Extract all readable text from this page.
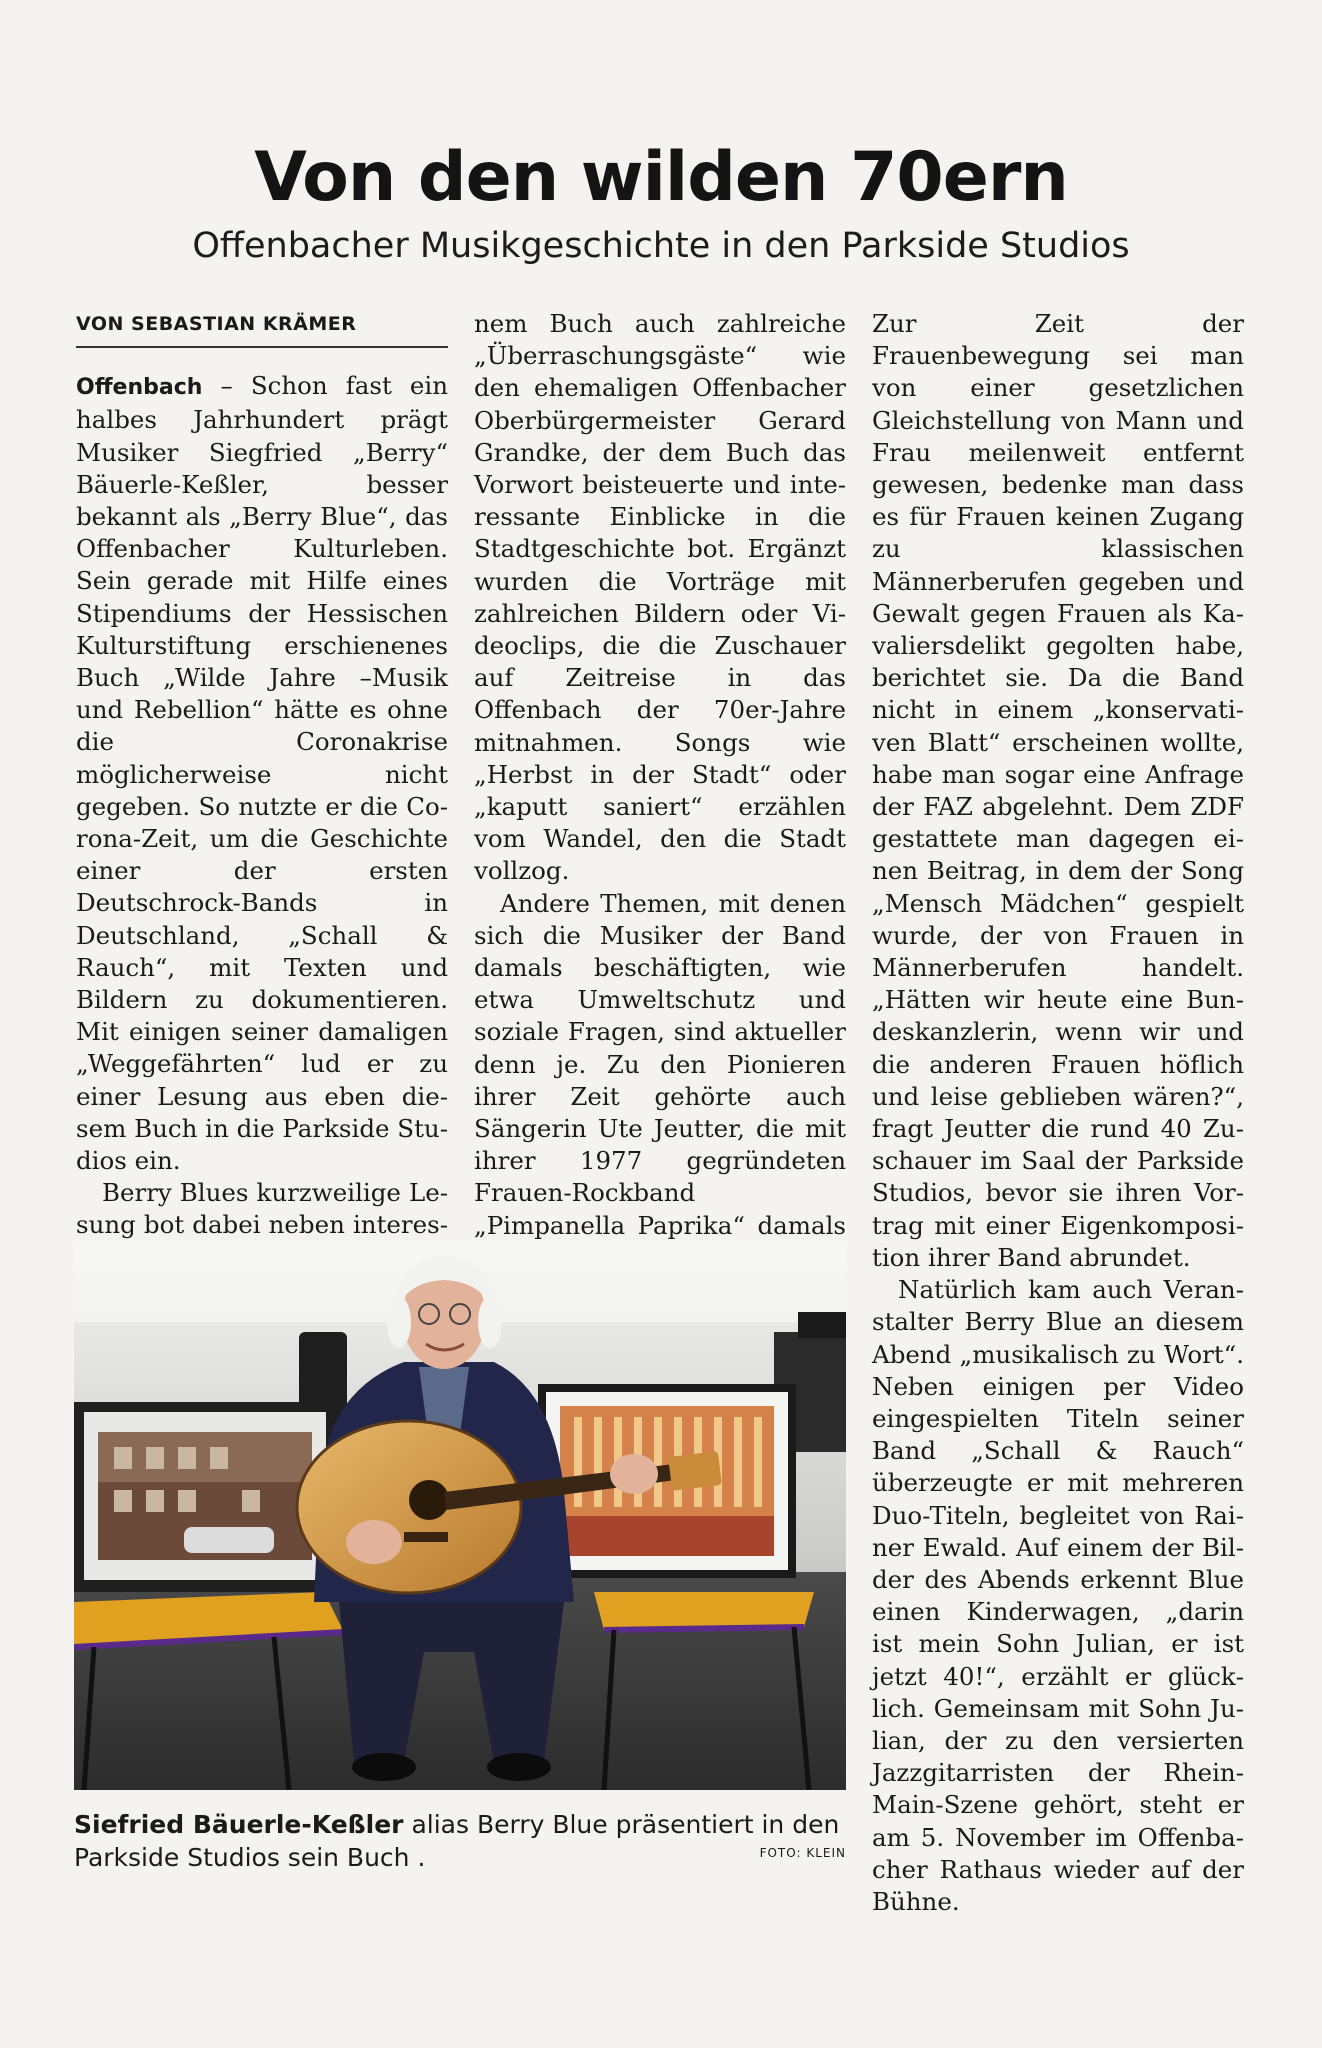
Von den wilden 70ern
Offenbacher Musikgeschichte in den Parkside Studios
VON SEBASTIAN KRÄMER

Offenbach – Schon fast ein halbes Jahrhundert prägt Musiker Siegfried „Berry“ Bäuerle-Keßler, besser bekannt als „Berry Blue“, das Offenbacher Kulturleben. Sein gerade mit Hilfe eines Stipendiums der Hessischen Kulturstiftung erschienenes Buch „Wilde Jahre –Musik und Rebellion“ hätte es ohne die Coronakrise möglicherweise nicht gegeben. So nutzte er die Corona-Zeit, um die Geschichte einer der ersten Deutschrock-Bands in Deutschland, „Schall & Rauch“, mit Texten und Bildern zu dokumentieren. Mit einigen seiner damaligen „Weggefährten“ lud er zu einer Lesung aus eben diesem Buch in die Parkside Studios ein.

Berry Blues kurzweilige Lesung bot dabei neben interes

nem Buch auch zahlreiche „Überraschungsgäste“ wie den ehemaligen Offenbacher Oberbürgermeister Gerard Grandke, der dem Buch das Vorwort beisteuerte und interessante Einblicke in die Stadtgeschichte bot. Ergänzt wurden die Vorträge mit zahlreichen Bildern oder Videoclips, die die Zuschauer auf Zeitreise in das Offenbach der 70er-Jahre mitnahmen. Songs wie „Herbst in der Stadt“ oder „kaputt saniert“ erzählen vom Wandel, den die Stadt vollzog.

Andere Themen, mit denen sich die Musiker der Band damals beschäftigten, wie etwa Umweltschutz und soziale Fragen, sind aktueller denn je. Zu den Pionieren ihrer Zeit gehörte auch Sängerin Ute Jeutter, die mit ihrer 1977 gegründeten Frauen-Rockband „Pimpanella Paprika“ damals

Zur Zeit der Frauenbewegung sei man von einer gesetzlichen Gleichstellung von Mann und Frau meilenweit entfernt gewesen, bedenke man dass es für Frauen keinen Zugang zu klassischen Männerberufen gegeben und Gewalt gegen Frauen als Kavaliersdelikt gegolten habe, berichtet sie. Da die Band nicht in einem „konservativen Blatt“ erscheinen wollte, habe man sogar eine Anfrage der FAZ abgelehnt. Dem ZDF gestattete man dagegen einen Beitrag, in dem der Song „Mensch Mädchen“ gespielt wurde, der von Frauen in Männerberufen handelt. „Hätten wir heute eine Bundeskanzlerin, wenn wir und die anderen Frauen höflich und leise geblieben wären?“, fragt Jeutter die rund 40 Zuschauer im Saal der Parkside Studios, bevor sie ihren Vortrag mit einer Eigenkomposition ihrer Band abrundet.

Natürlich kam auch Veranstalter Berry Blue an diesem Abend „musikalisch zu Wort“. Neben einigen per Video eingespielten Titeln seiner Band „Schall & Rauch“ überzeugte er mit mehreren Duo-Titeln, begleitet von Rainer Ewald. Auf einem der Bilder des Abends erkennt Blue einen Kinderwagen, „darin ist mein Sohn Julian, er ist jetzt 40!“, erzählt er glücklich. Gemeinsam mit Sohn Julian, der zu den versierten Jazzgitarristen der Rhein-Main-Szene gehört, steht er am 5. November im Offenbacher Rathaus wieder auf der Bühne.

Siefried Bäuerle-Keßler alias Berry Blue präsentiert in den Parkside Studios sein Buch .	FOTO: KLEIN
